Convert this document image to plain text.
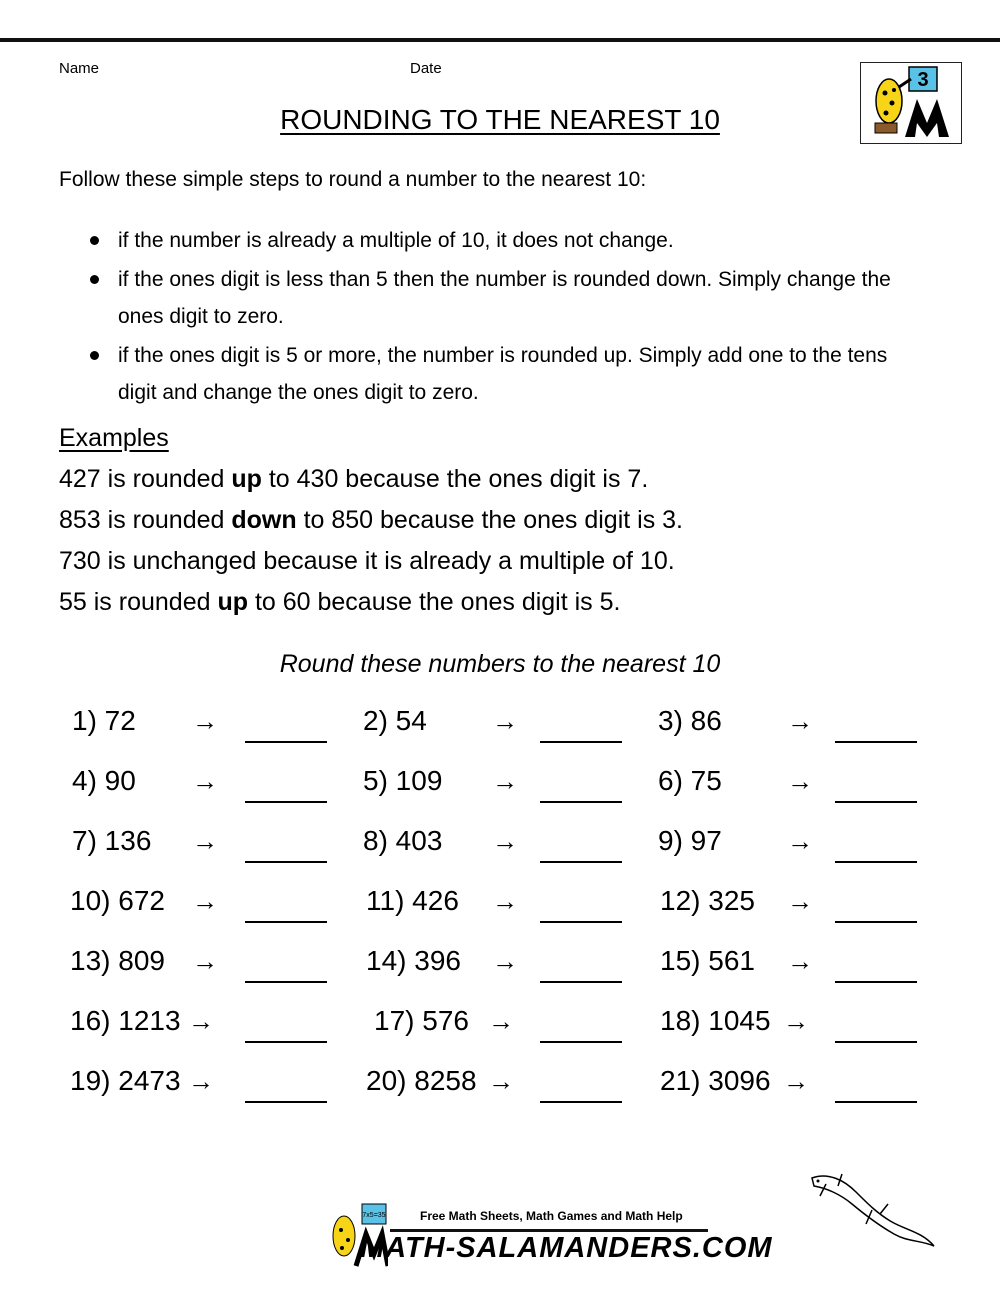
Name	Date
3
ROUNDING TO THE NEAREST 10
Follow these simple steps to round a number to the nearest 10:
if the number is already a multiple of 10, it does not change.
if the ones digit is less than 5 then the number is rounded down. Simply change the ones digit to zero.
if the ones digit is 5 or more, the number is rounded up. Simply add one to the tens digit and change the ones digit to zero.
Examples
427 is rounded up to 430 because the ones digit is 7.
853 is rounded down to 850 because the ones digit is 3.
730 is unchanged because it is already a multiple of 10.
55 is rounded up to 60 because the ones digit is 5.
Round these numbers to the nearest 10
1) 72 →	2) 54	→	3) 86	→
4) 90 →	5) 109 →	6) 75	→
7) 136 →	8) 403 →	9) 97	→
10) 672 →	11) 426 →	12) 325 →
13) 809 →	14) 396 →	15) 561 →
16) 1213 →	17) 576 →	18) 1045 →
19) 2473 →	20) 8258 →	21) 3096 →
Free Math Sheets, Math Games and Math Help
7x5=35
MATH-SALAMANDERS.COM
